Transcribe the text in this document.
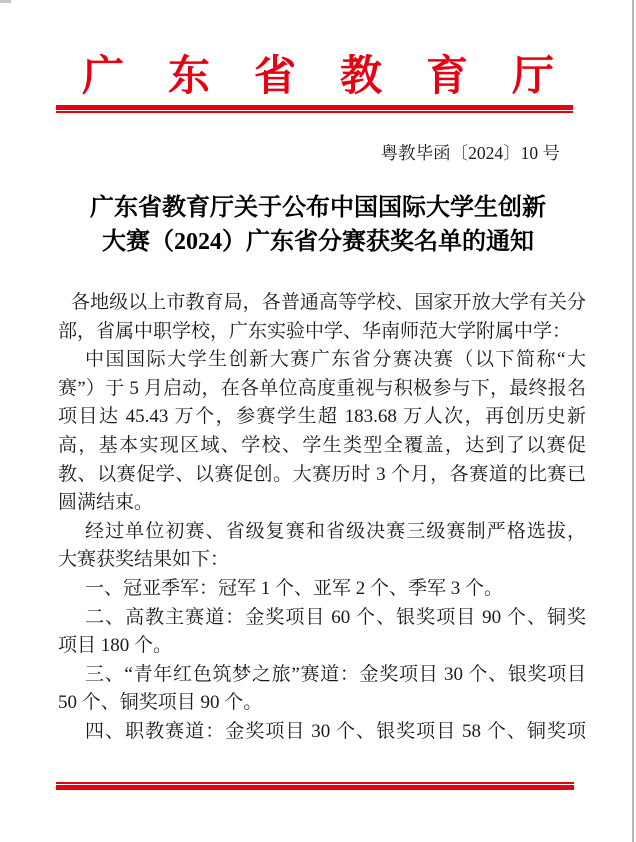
广东省教育厅
粤教毕函〔2024〕10 号
广东省教育厅关于公布中国国际大学生创新
大赛（2024）广东省分赛获奖名单的通知
各地级以上市教育局，各普通高等学校、国家开放大学有关分
部，省属中职学校，广东实验中学、华南师范大学附属中学：
中国国际大学生创新大赛广东省分赛决赛（以下简称“大
赛”）于 5 月启动，在各单位高度重视与积极参与下，最终报名
项目达 45.43 万个，参赛学生超 183.68 万人次，再创历史新
高，基本实现区域、学校、学生类型全覆盖，达到了以赛促
教、以赛促学、以赛促创。大赛历时 3 个月，各赛道的比赛已
圆满结束。
经过单位初赛、省级复赛和省级决赛三级赛制严格选拔，
大赛获奖结果如下：
一、冠亚季军：冠军 1 个、亚军 2 个、季军 3 个。
二、高教主赛道：金奖项目 60 个、银奖项目 90 个、铜奖
项目 180 个。
三、“青年红色筑梦之旅”赛道：金奖项目 30 个、银奖项目
50 个、铜奖项目 90 个。
四、职教赛道：金奖项目 30 个、银奖项目 58 个、铜奖项
